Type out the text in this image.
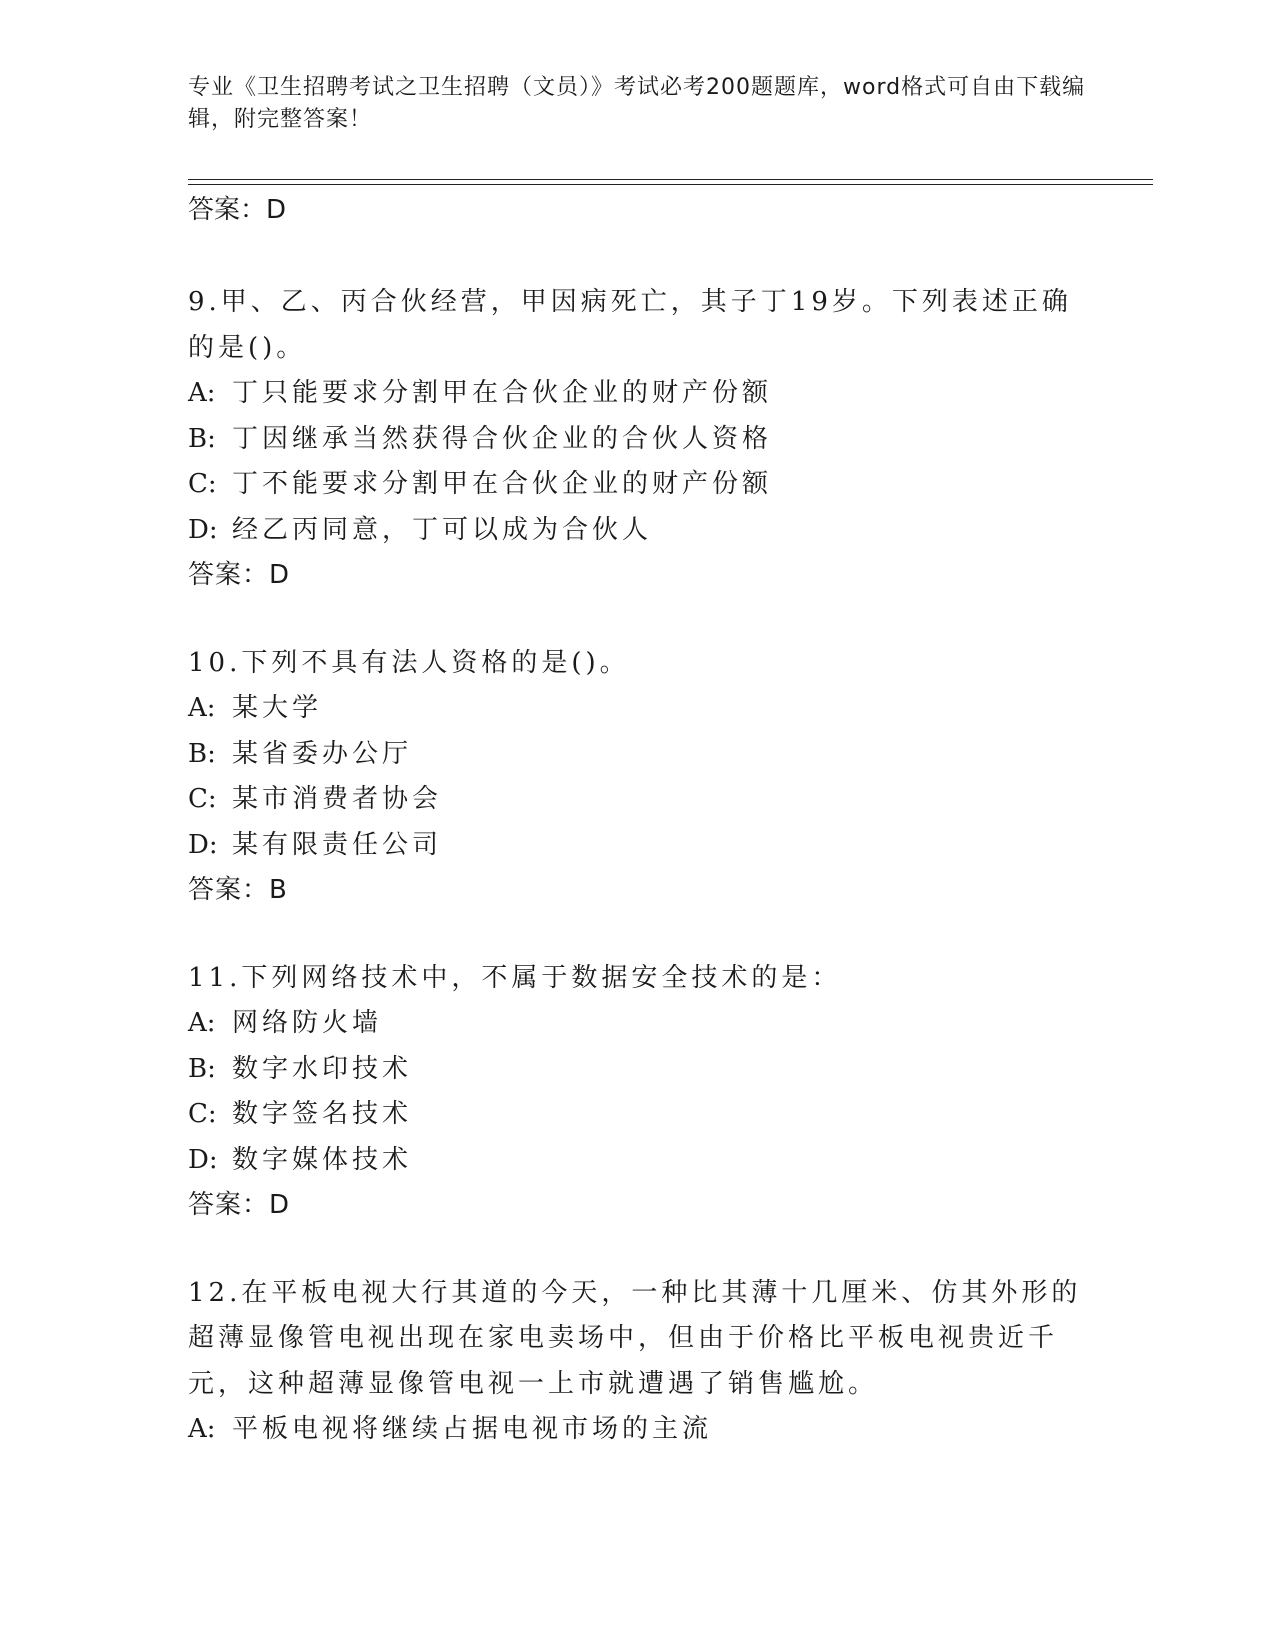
专业《卫生招聘考试之卫生招聘（文员）》考试必考200题题库，word格式可自由下载编辑，附完整答案！
答案：D
9.甲、乙、丙合伙经营，甲因病死亡，其子丁19岁。下列表述正确的是()。
A: 丁只能要求分割甲在合伙企业的财产份额
B: 丁因继承当然获得合伙企业的合伙人资格
C: 丁不能要求分割甲在合伙企业的财产份额
D: 经乙丙同意，丁可以成为合伙人
答案：D
10.下列不具有法人资格的是()。
A: 某大学
B: 某省委办公厅
C: 某市消费者协会
D: 某有限责任公司
答案：B
11.下列网络技术中，不属于数据安全技术的是：
A: 网络防火墙
B: 数字水印技术
C: 数字签名技术
D: 数字媒体技术
答案：D
12.在平板电视大行其道的今天，一种比其薄十几厘米、仿其外形的超薄显像管电视出现在家电卖场中，但由于价格比平板电视贵近千元，这种超薄显像管电视一上市就遭遇了销售尴尬。
A: 平板电视将继续占据电视市场的主流
